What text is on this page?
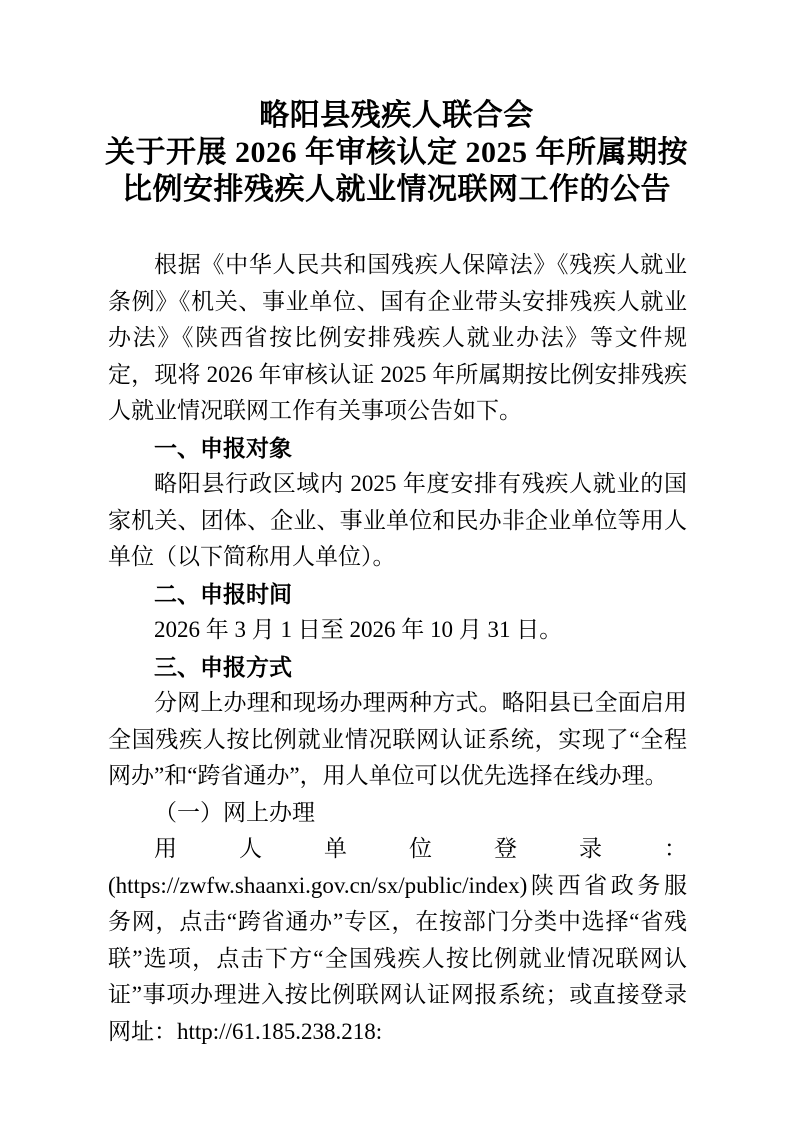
略阳县残疾人联合会
关于开展 2026 年审核认定 2025 年所属期按
比例安排残疾人就业情况联网工作的公告

根据《中华人民共和国残疾人保障法》《残疾人就业条例》《机关、事业单位、国有企业带头安排残疾人就业办法》《陕西省按比例安排残疾人就业办法》等文件规定，现将 2026 年审核认证 2025 年所属期按比例安排残疾人就业情况联网工作有关事项公告如下。

一、申报对象

略阳县行政区域内 2025 年度安排有残疾人就业的国家机关、团体、企业、事业单位和民办非企业单位等用人单位（以下简称用人单位）。

二、申报时间

2026 年 3 月 1 日至 2026 年 10 月 31 日。

三、申报方式

分网上办理和现场办理两种方式。略阳县已全面启用全国残疾人按比例就业情况联网认证系统，实现了“全程网办”和“跨省通办”，用人单位可以优先选择在线办理。

（一）网上办理

用人单位登录：(https://zwfw.shaanxi.gov.cn/sx/public/index)陕西省政务服务网，点击“跨省通办”专区，在按部门分类中选择“省残联”选项，点击下方“全国残疾人按比例就业情况联网认证”事项办理进入按比例联网认证网报系统；或直接登录网址：http://61.185.238.218:
